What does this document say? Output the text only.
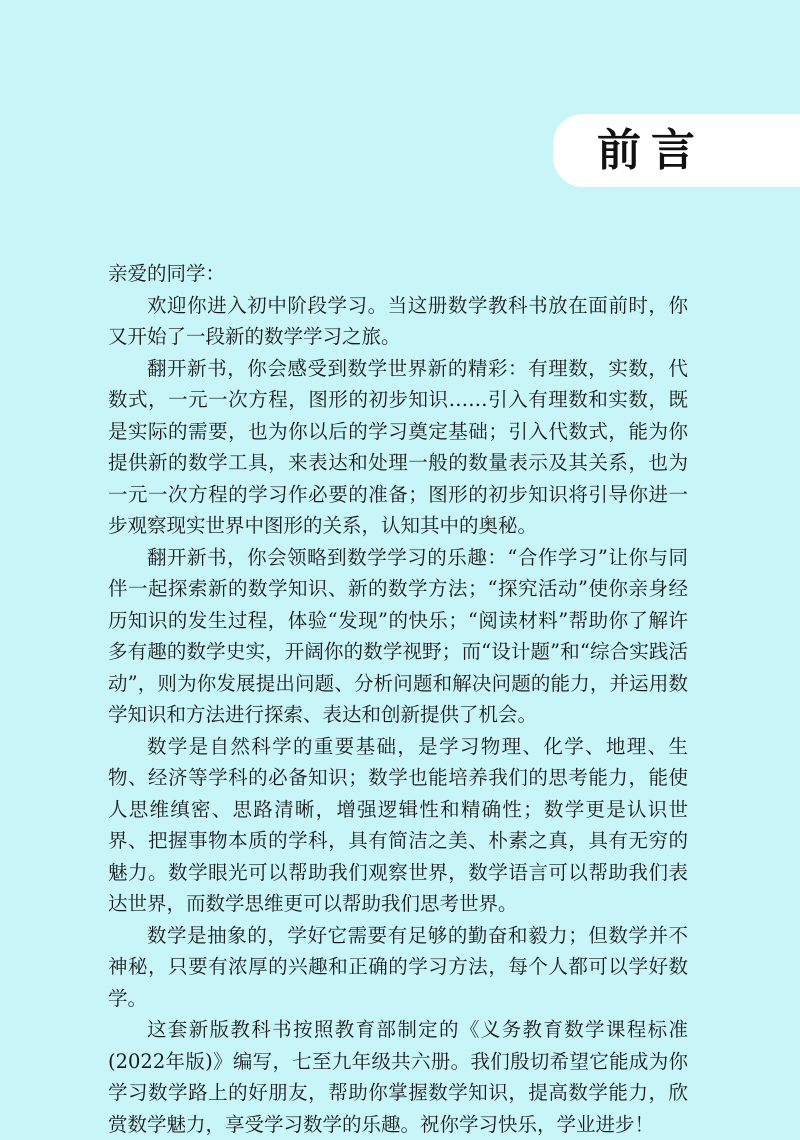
前言

亲爱的同学：

欢迎你进入初中阶段学习。当这册数学教科书放在面前时，你又开始了一段新的数学学习之旅。

翻开新书，你会感受到数学世界新的精彩：有理数，实数，代数式，一元一次方程，图形的初步知识……引入有理数和实数，既是实际的需要，也为你以后的学习奠定基础；引入代数式，能为你提供新的数学工具，来表达和处理一般的数量表示及其关系，也为一元一次方程的学习作必要的准备；图形的初步知识将引导你进一步观察现实世界中图形的关系，认知其中的奥秘。

翻开新书，你会领略到数学学习的乐趣：“合作学习”让你与同伴一起探索新的数学知识、新的数学方法；“探究活动”使你亲身经历知识的发生过程，体验“发现”的快乐；“阅读材料”帮助你了解许多有趣的数学史实，开阔你的数学视野；而“设计题”和“综合实践活动”，则为你发展提出问题、分析问题和解决问题的能力，并运用数学知识和方法进行探索、表达和创新提供了机会。

数学是自然科学的重要基础，是学习物理、化学、地理、生物、经济等学科的必备知识；数学也能培养我们的思考能力，能使人思维缜密、思路清晰，增强逻辑性和精确性；数学更是认识世界、把握事物本质的学科，具有简洁之美、朴素之真，具有无穷的魅力。数学眼光可以帮助我们观察世界，数学语言可以帮助我们表达世界，而数学思维更可以帮助我们思考世界。

数学是抽象的，学好它需要有足够的勤奋和毅力；但数学并不神秘，只要有浓厚的兴趣和正确的学习方法，每个人都可以学好数学。

这套新版教科书按照教育部制定的《义务教育数学课程标准(2022年版)》编写，七至九年级共六册。我们殷切希望它能成为你学习数学路上的好朋友，帮助你掌握数学知识，提高数学能力，欣赏数学魅力，享受学习数学的乐趣。祝你学习快乐，学业进步！
